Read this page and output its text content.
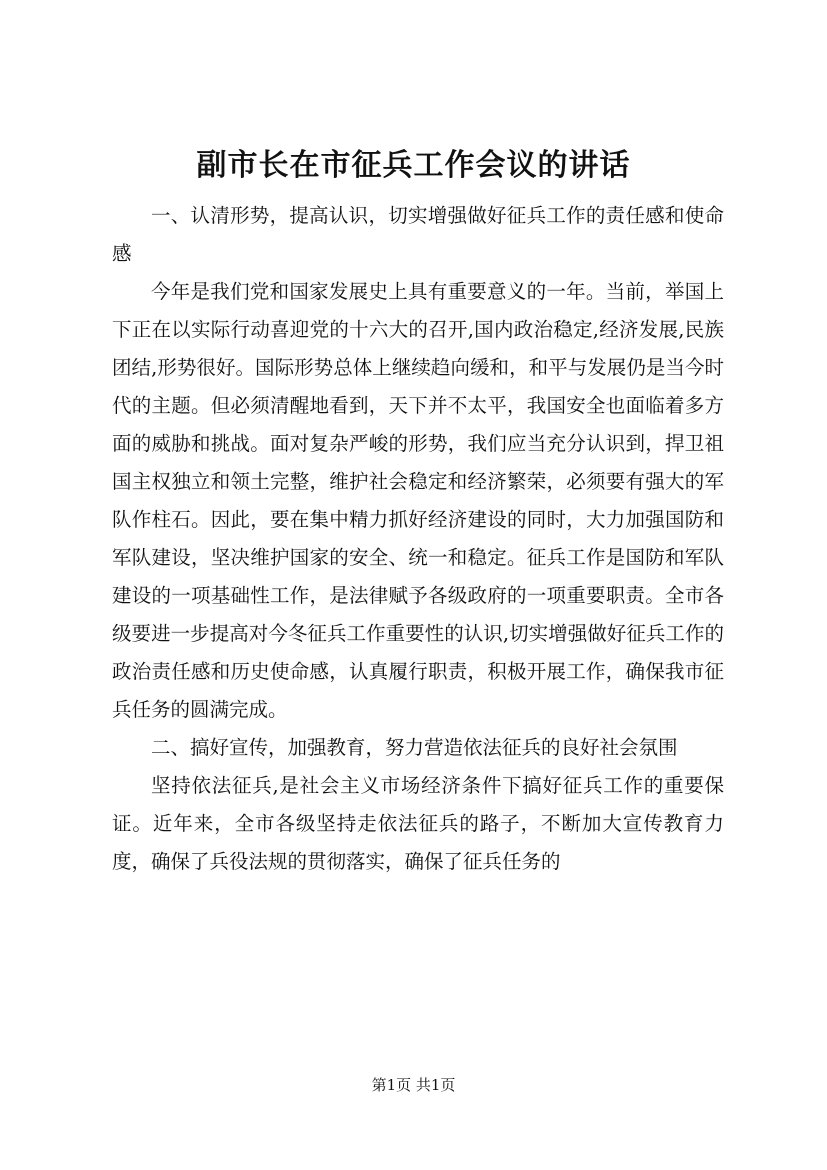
副市长在市征兵工作会议的讲话

一、认清形势，提高认识，切实增强做好征兵工作的责任感和使命感

今年是我们党和国家发展史上具有重要意义的一年。当前，举国上下正在以实际行动喜迎党的十六大的召开,国内政治稳定,经济发展,民族团结,形势很好。国际形势总体上继续趋向缓和，和平与发展仍是当今时代的主题。但必须清醒地看到，天下并不太平，我国安全也面临着多方面的威胁和挑战。面对复杂严峻的形势，我们应当充分认识到，捍卫祖国主权独立和领土完整，维护社会稳定和经济繁荣，必须要有强大的军队作柱石。因此，要在集中精力抓好经济建设的同时，大力加强国防和军队建设，坚决维护国家的安全、统一和稳定。征兵工作是国防和军队建设的一项基础性工作，是法律赋予各级政府的一项重要职责。全市各级要进一步提高对今冬征兵工作重要性的认识,切实增强做好征兵工作的政治责任感和历史使命感，认真履行职责，积极开展工作，确保我市征兵任务的圆满完成。

二、搞好宣传，加强教育，努力营造依法征兵的良好社会氛围

坚持依法征兵,是社会主义市场经济条件下搞好征兵工作的重要保证。近年来，全市各级坚持走依法征兵的路子，不断加大宣传教育力度，确保了兵役法规的贯彻落实，确保了征兵任务的

第1页 共1页
